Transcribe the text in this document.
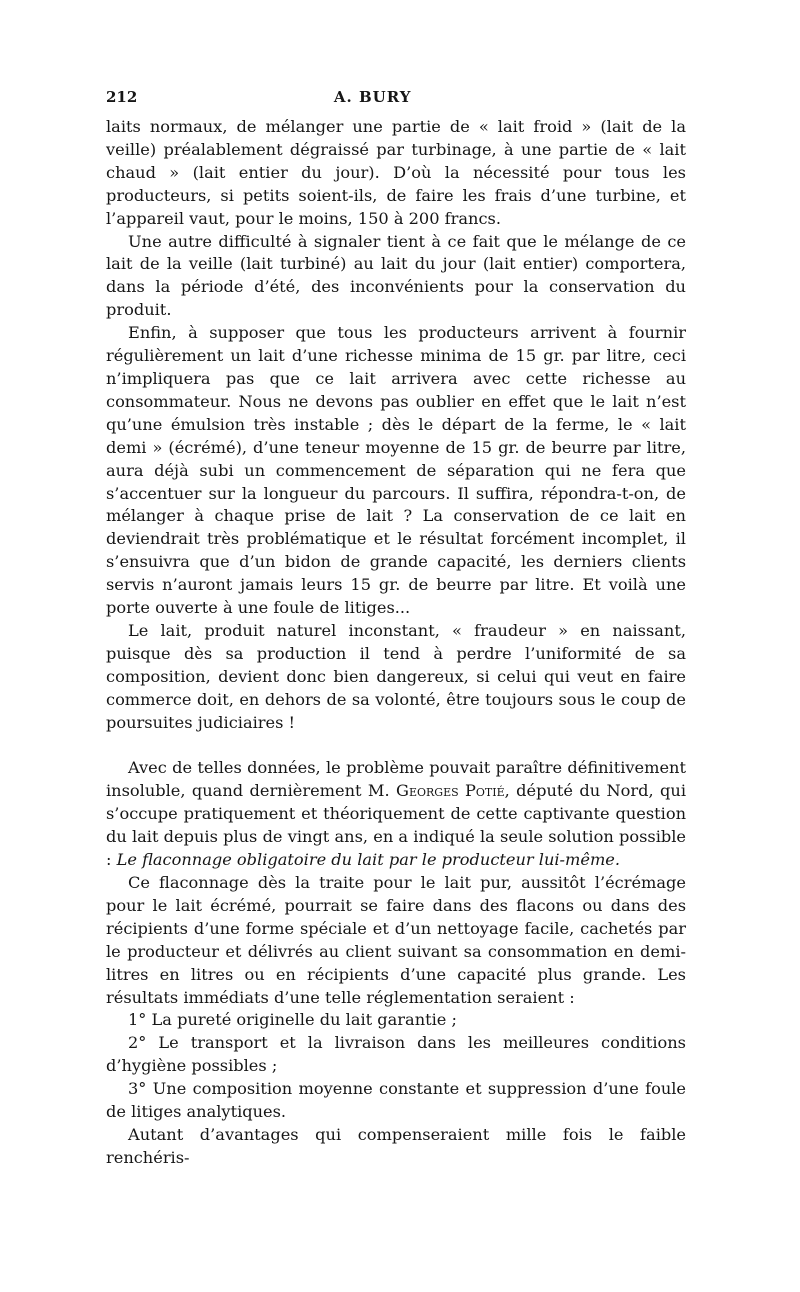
212	A. BURY

laits normaux, de mélanger une partie de « lait froid » (lait de la veille) préalablement dégraissé par turbinage, à une partie de « lait chaud » (lait entier du jour). D’où la nécessité pour tous les producteurs, si petits soient-ils, de faire les frais d’une turbine, et l’appareil vaut, pour le moins, 150 à 200 francs.

Une autre difficulté à signaler tient à ce fait que le mélange de ce lait de la veille (lait turbiné) au lait du jour (lait entier) comportera, dans la période d’été, des inconvénients pour la conservation du produit.

Enfin, à supposer que tous les producteurs arrivent à fournir régulièrement un lait d’une richesse minima de 15 gr. par litre, ceci n’impliquera pas que ce lait arrivera avec cette richesse au consommateur. Nous ne devons pas oublier en effet que le lait n’est qu’une émulsion très instable ; dès le départ de la ferme, le « lait demi » (écrémé), d’une teneur moyenne de 15 gr. de beurre par litre, aura déjà subi un commencement de séparation qui ne fera que s’accentuer sur la longueur du parcours. Il suffira, répondra-t-on, de mélanger à chaque prise de lait ? La conservation de ce lait en deviendrait très problématique et le résultat forcément incomplet, il s’ensuivra que d’un bidon de grande capacité, les derniers clients servis n’auront jamais leurs 15 gr. de beurre par litre. Et voilà une porte ouverte à une foule de litiges...

Le lait, produit naturel inconstant, « fraudeur » en naissant, puisque dès sa production il tend à perdre l’uniformité de sa composition, devient donc bien dangereux, si celui qui veut en faire commerce doit, en dehors de sa volonté, être toujours sous le coup de poursuites judiciaires !

Avec de telles données, le problème pouvait paraître définitivement insoluble, quand dernièrement M. Georges Potié, député du Nord, qui s’occupe pratiquement et théoriquement de cette captivante question du lait depuis plus de vingt ans, en a indiqué la seule solution possible : Le flaconnage obligatoire du lait par le producteur lui-même.

Ce flaconnage dès la traite pour le lait pur, aussitôt l’écrémage pour le lait écrémé, pourrait se faire dans des flacons ou dans des récipients d’une forme spéciale et d’un nettoyage facile, cachetés par le producteur et délivrés au client suivant sa consommation en demi-litres en litres ou en récipients d’une capacité plus grande. Les résultats immédiats d’une telle réglementation seraient :

1° La pureté originelle du lait garantie ;

2° Le transport et la livraison dans les meilleures conditions d’hygiène possibles ;

3° Une composition moyenne constante et suppression d’une foule de litiges analytiques.

Autant d’avantages qui compenseraient mille fois le faible renchéris-
